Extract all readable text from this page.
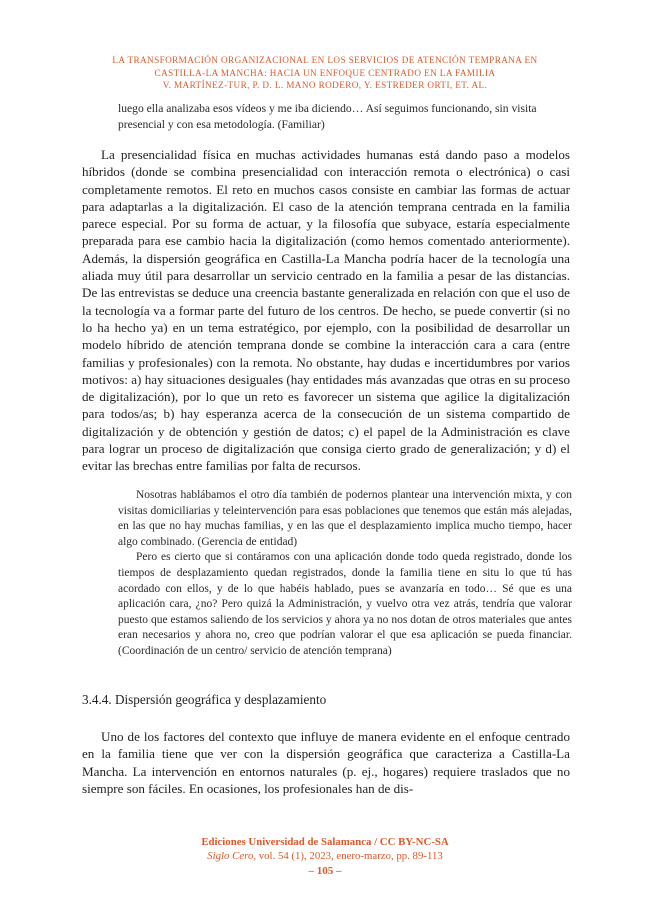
LA TRANSFORMACIÓN ORGANIZACIONAL EN LOS SERVICIOS DE ATENCIÓN TEMPRANA EN
CASTILLA-LA MANCHA: HACIA UN ENFOQUE CENTRADO EN LA FAMILIA
V. MARTÍNEZ-TUR, P. D. L. MANO RODERO, Y. ESTREDER ORTI, ET. AL.
luego ella analizaba esos vídeos y me iba diciendo… Así seguimos funcionando, sin visita presencial y con esa metodología. (Familiar)

La presencialidad física en muchas actividades humanas está dando paso a modelos híbridos (donde se combina presencialidad con interacción remota o electrónica) o casi completamente remotos. El reto en muchos casos consiste en cambiar las formas de actuar para adaptarlas a la digitalización. El caso de la atención temprana centrada en la familia parece especial. Por su forma de actuar, y la filosofía que subyace, estaría especialmente preparada para ese cambio hacia la digitalización (como hemos comentado anteriormente). Además, la dispersión geográfica en Castilla-La Mancha podría hacer de la tecnología una aliada muy útil para desarrollar un servicio centrado en la familia a pesar de las distancias. De las entrevistas se deduce una creencia bastante generalizada en relación con que el uso de la tecnología va a formar parte del futuro de los centros. De hecho, se puede convertir (si no lo ha hecho ya) en un tema estratégico, por ejemplo, con la posibilidad de desarrollar un modelo híbrido de atención temprana donde se combine la interacción cara a cara (entre familias y profesionales) con la remota. No obstante, hay dudas e incertidumbres por varios motivos: a) hay situaciones desiguales (hay entidades más avanzadas que otras en su proceso de digitalización), por lo que un reto es favorecer un sistema que agilice la digitalización para todos/as; b) hay esperanza acerca de la consecución de un sistema compartido de digitalización y de obtención y gestión de datos; c) el papel de la Administración es clave para lograr un proceso de digitalización que consiga cierto grado de generalización; y d) el evitar las brechas entre familias por falta de recursos.

Nosotras hablábamos el otro día también de podernos plantear una intervención mixta, y con visitas domiciliarias y teleintervención para esas poblaciones que tenemos que están más alejadas, en las que no hay muchas familias, y en las que el desplazamiento implica mucho tiempo, hacer algo combinado. (Gerencia de entidad)

Pero es cierto que si contáramos con una aplicación donde todo queda registrado, donde los tiempos de desplazamiento quedan registrados, donde la familia tiene en situ lo que tú has acordado con ellos, y de lo que habéis hablado, pues se avanzaría en todo… Sé que es una aplicación cara, ¿no? Pero quizá la Administración, y vuelvo otra vez atrás, tendría que valorar puesto que estamos saliendo de los servicios y ahora ya no nos dotan de otros materiales que antes eran necesarios y ahora no, creo que podrían valorar el que esa aplicación se pueda financiar. (Coordinación de un centro/ servicio de atención temprana)

3.4.4. Dispersión geográfica y desplazamiento

Uno de los factores del contexto que influye de manera evidente en el enfoque centrado en la familia tiene que ver con la dispersión geográfica que caracteriza a Castilla-La Mancha. La intervención en entornos naturales (p. ej., hogares) requiere traslados que no siempre son fáciles. En ocasiones, los profesionales han de dis-

Ediciones Universidad de Salamanca / CC BY-NC-SA
Siglo Cero, vol. 54 (1), 2023, enero-marzo, pp. 89-113
– 105 –
